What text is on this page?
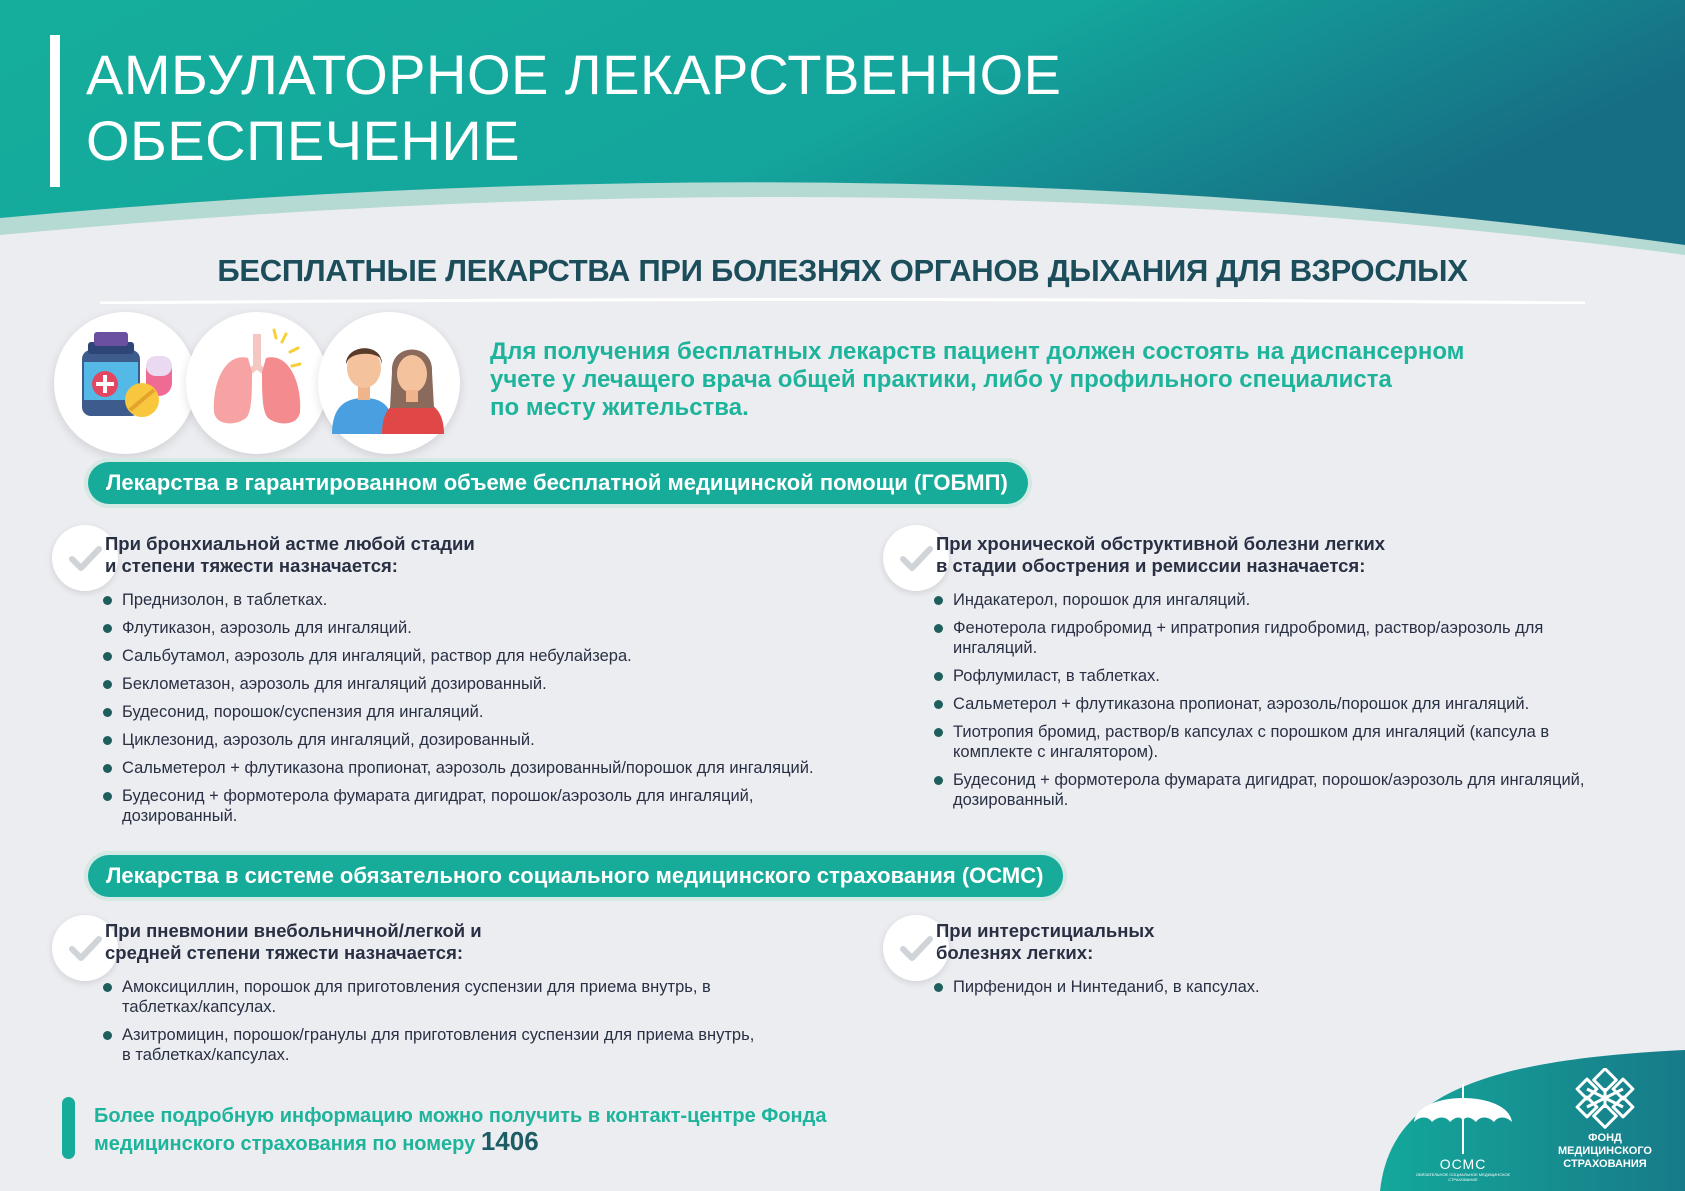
АМБУЛАТОРНОЕ ЛЕКАРСТВЕННОЕ
ОБЕСПЕЧЕНИЕ
БЕСПЛАТНЫЕ ЛЕКАРСТВА ПРИ БОЛЕЗНЯХ ОРГАНОВ ДЫХАНИЯ ДЛЯ ВЗРОСЛЫХ
Для получения бесплатных лекарств пациент должен состоять на диспансерном
учете у лечащего врача общей практики, либо у профильного специалиста
по месту жительства.
Лекарства в гарантированном объеме бесплатной медицинской помощи (ГОБМП)
При бронхиальной астме любой стадии
и степени тяжести назначается:
Преднизолон, в таблетках.
Флутиказон, аэрозоль для ингаляций.
Сальбутамол, аэрозоль для ингаляций, раствор для небулайзера.
Беклометазон, аэрозоль для ингаляций дозированный.
Будесонид, порошок/суспензия для ингаляций.
Циклезонид, аэрозоль для ингаляций, дозированный.
Сальметерол + флутиказона пропионат, аэрозоль дозированный/порошок для ингаляций.
Будесонид + формотерола фумарата дигидрат, порошок/аэрозоль для ингаляций, дозированный.
При хронической обструктивной болезни легких
в стадии обострения и ремиссии назначается:
Индакатерол, порошок для ингаляций.
Фенотерола гидробромид + ипратропия гидробромид, раствор/аэрозоль для ингаляций.
Рофлумиласт, в таблетках.
Сальметерол + флутиказона пропионат, аэрозоль/порошок для ингаляций.
Тиотропия бромид, раствор/в капсулах с порошком для ингаляций (капсула в комплекте с ингалятором).
Будесонид + формотерола фумарата дигидрат, порошок/аэрозоль для ингаляций, дозированный.
Лекарства в системе обязательного социального медицинского страхования (ОСМС)
При пневмонии внебольничной/легкой и
средней степени тяжести назначается:
Амоксициллин, порошок для приготовления суспензии для приема внутрь, в таблетках/капсулах.
Азитромицин, порошок/гранулы для приготовления суспензии для приема внутрь, в таблетках/капсулах.
При интерстициальных
болезнях легких:
Пирфенидон и Нинтеданиб, в капсулах.
Более подробную информацию можно получить в контакт-центре Фонда медицинского страхования по номеру 1406
ОСМС
ОБЯЗАТЕЛЬНОЕ СОЦИАЛЬНОЕ МЕДИЦИНСКОЕ СТРАХОВАНИЕ
ФОНД
МЕДИЦИНСКОГО
СТРАХОВАНИЯ
